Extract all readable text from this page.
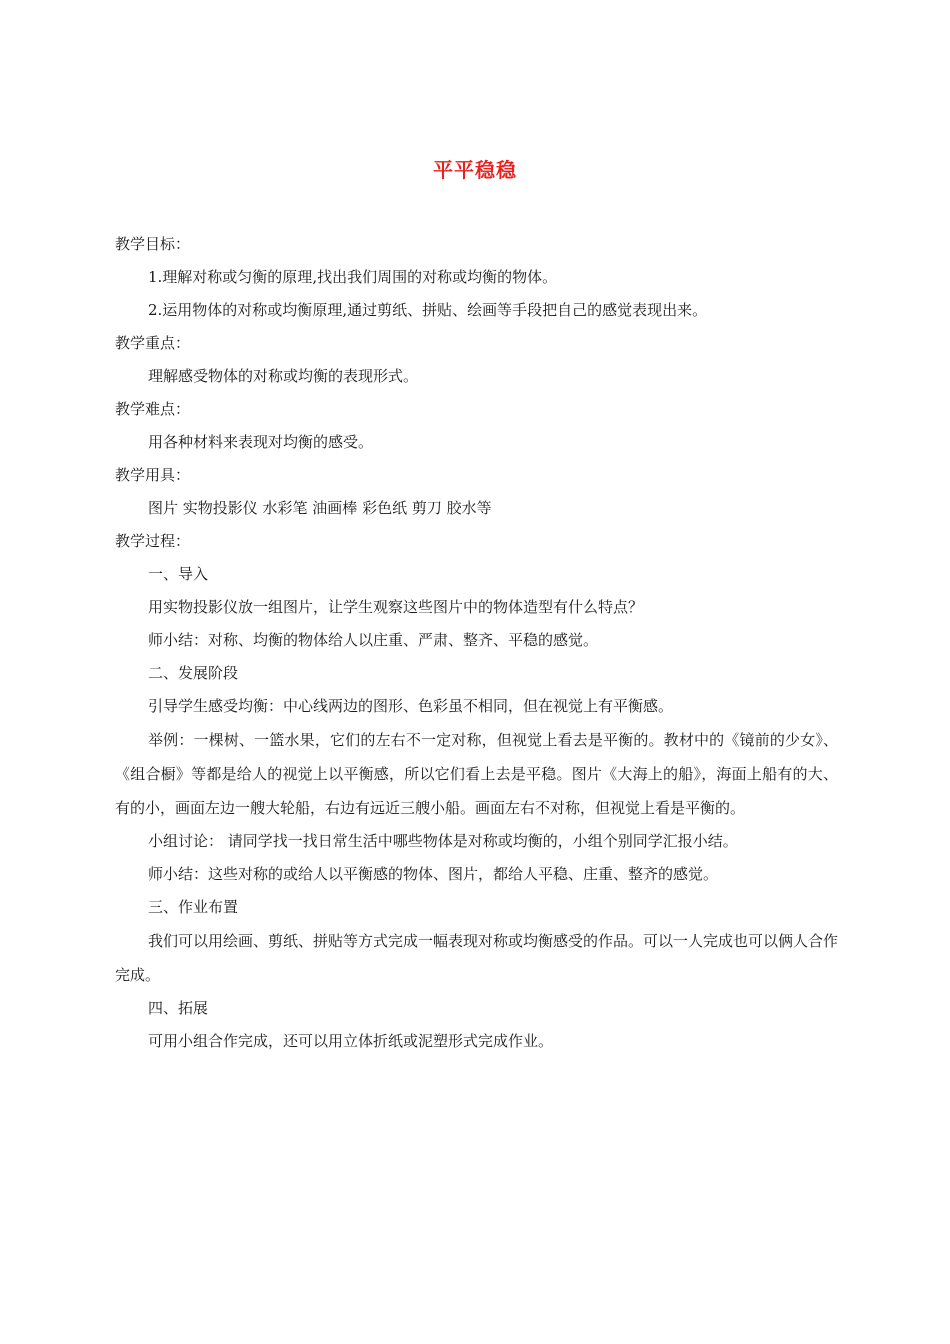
平平稳稳

教学目标：

1.理解对称或匀衡的原理,找出我们周围的对称或均衡的物体。

2.运用物体的对称或均衡原理,通过剪纸、拼贴、绘画等手段把自己的感觉表现出来。

教学重点：

理解感受物体的对称或均衡的表现形式。

教学难点：

用各种材料来表现对均衡的感受。

教学用具：

图片 实物投影仪 水彩笔 油画棒 彩色纸 剪刀 胶水等

教学过程：

一、导入

用实物投影仪放一组图片，让学生观察这些图片中的物体造型有什么特点？

师小结：对称、均衡的物体给人以庄重、严肃、整齐、平稳的感觉。

二、发展阶段

引导学生感受均衡：中心线两边的图形、色彩虽不相同，但在视觉上有平衡感。

举例：一棵树、一篮水果，它们的左右不一定对称，但视觉上看去是平衡的。教材中的《镜前的少女》、《组合橱》等都是给人的视觉上以平衡感，所以它们看上去是平稳。图片《大海上的船》，海面上船有的大、有的小，画面左边一艘大轮船，右边有远近三艘小船。画面左右不对称，但视觉上看是平衡的。

小组讨论： 请同学找一找日常生活中哪些物体是对称或均衡的，小组个别同学汇报小结。

师小结：这些对称的或给人以平衡感的物体、图片，都给人平稳、庄重、整齐的感觉。

三、作业布置

我们可以用绘画、剪纸、拼贴等方式完成一幅表现对称或均衡感受的作品。可以一人完成也可以俩人合作完成。

四、拓展

可用小组合作完成，还可以用立体折纸或泥塑形式完成作业。
